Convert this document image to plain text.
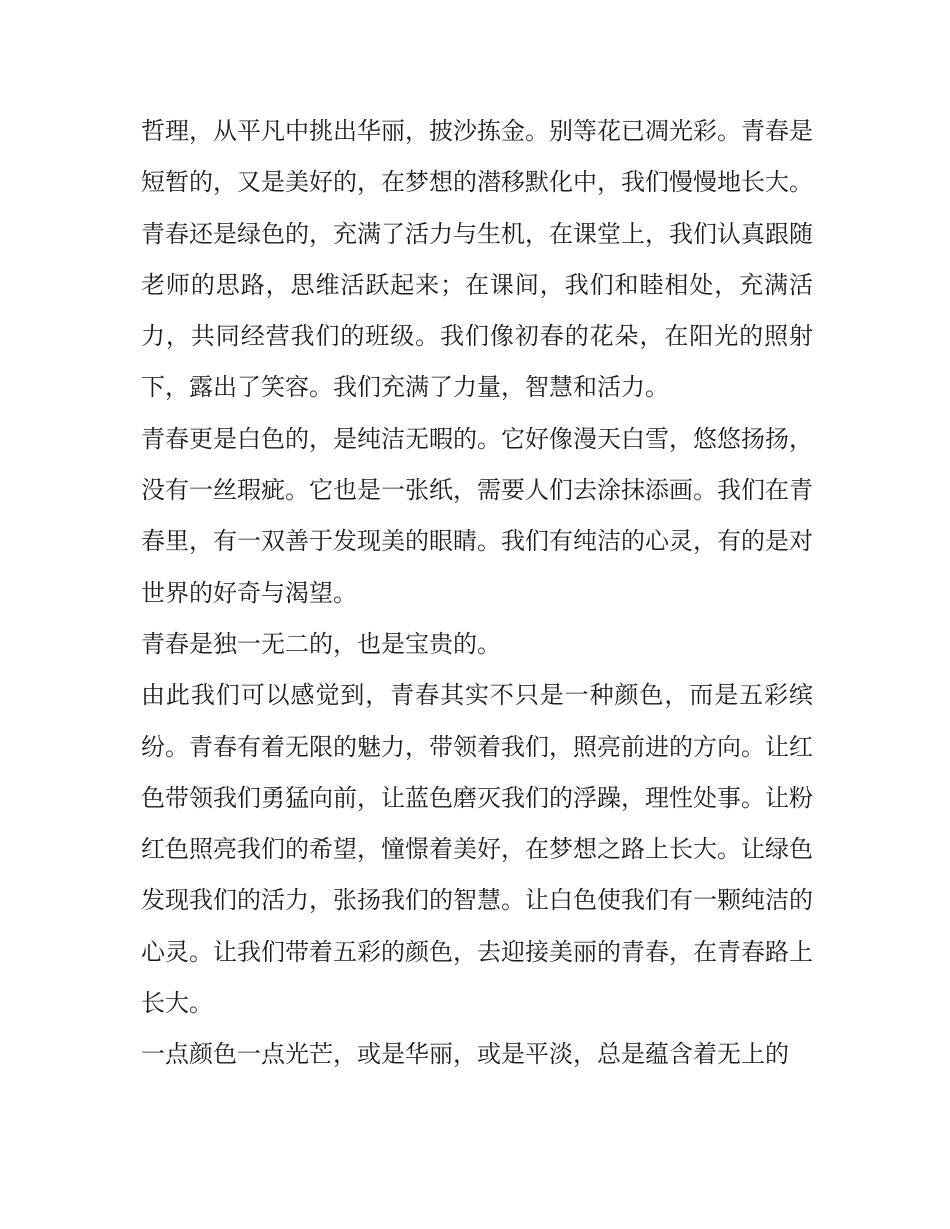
哲理，从平凡中挑出华丽，披沙拣金。别等花已凋光彩。青春是短暂的，又是美好的，在梦想的潜移默化中，我们慢慢地长大。

青春还是绿色的，充满了活力与生机，在课堂上，我们认真跟随老师的思路，思维活跃起来；在课间，我们和睦相处，充满活力，共同经营我们的班级。我们像初春的花朵，在阳光的照射下，露出了笑容。我们充满了力量，智慧和活力。

青春更是白色的，是纯洁无暇的。它好像漫天白雪，悠悠扬扬，没有一丝瑕疵。它也是一张纸，需要人们去涂抹添画。我们在青春里，有一双善于发现美的眼睛。我们有纯洁的心灵，有的是对世界的好奇与渴望。

青春是独一无二的，也是宝贵的。

由此我们可以感觉到，青春其实不只是一种颜色，而是五彩缤纷。青春有着无限的魅力，带领着我们，照亮前进的方向。让红色带领我们勇猛向前，让蓝色磨灭我们的浮躁，理性处事。让粉红色照亮我们的希望，憧憬着美好，在梦想之路上长大。让绿色发现我们的活力，张扬我们的智慧。让白色使我们有一颗纯洁的心灵。让我们带着五彩的颜色，去迎接美丽的青春，在青春路上长大。

一点颜色一点光芒，或是华丽，或是平淡，总是蕴含着无上的
